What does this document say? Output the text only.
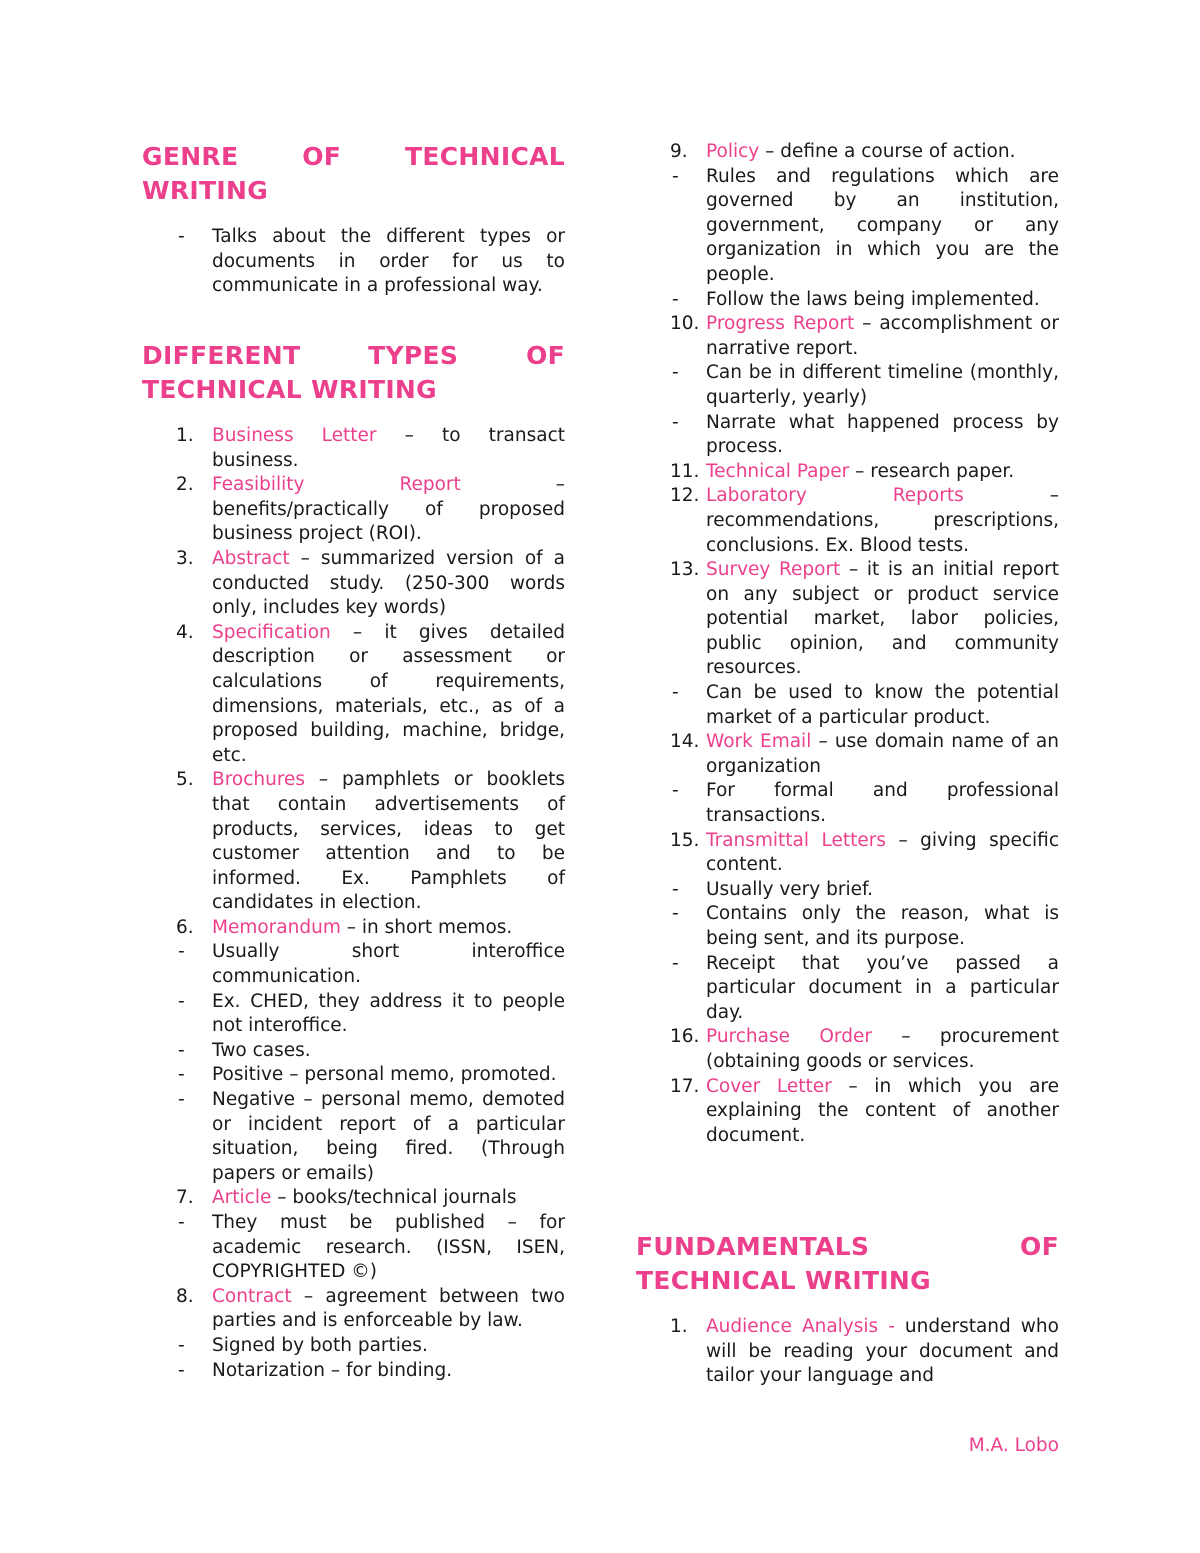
GENRE OF TECHNICAL WRITING
- Talks about the different types or documents in order for us to communicate in a professional way.
DIFFERENT TYPES OF TECHNICAL WRITING
1. Business Letter – to transact business.
2. Feasibility Report – benefits/practically of proposed business project (ROI).
3. Abstract – summarized version of a conducted study. (250-300 words only, includes key words)
4. Specification – it gives detailed description or assessment or calculations of requirements, dimensions, materials, etc., as of a proposed building, machine, bridge, etc.
5. Brochures – pamphlets or booklets that contain advertisements of products, services, ideas to get customer attention and to be informed. Ex. Pamphlets of candidates in election.
6. Memorandum – in short memos.
- Usually short interoffice communication.
- Ex. CHED, they address it to people not interoffice.
- Two cases.
- Positive – personal memo, promoted.
- Negative – personal memo, demoted or incident report of a particular situation, being fired. (Through papers or emails)
7. Article – books/technical journals
- They must be published – for academic research. (ISSN, ISEN, COPYRIGHTED ©)
8. Contract – agreement between two parties and is enforceable by law.
- Signed by both parties.
- Notarization – for binding.
9. Policy – define a course of action.
- Rules and regulations which are governed by an institution, government, company or any organization in which you are the people.
- Follow the laws being implemented.
10. Progress Report – accomplishment or narrative report.
- Can be in different timeline (monthly, quarterly, yearly)
- Narrate what happened process by process.
11. Technical Paper – research paper.
12. Laboratory Reports – recommendations, prescriptions, conclusions. Ex. Blood tests.
13. Survey Report – it is an initial report on any subject or product service potential market, labor policies, public opinion, and community resources.
- Can be used to know the potential market of a particular product.
14. Work Email – use domain name of an organization
- For formal and professional transactions.
15. Transmittal Letters – giving specific content.
- Usually very brief.
- Contains only the reason, what is being sent, and its purpose.
- Receipt that you’ve passed a particular document in a particular day.
16. Purchase Order – procurement (obtaining goods or services.
17. Cover Letter – in which you are explaining the content of another document.
FUNDAMENTALS OF TECHNICAL WRITING
1. Audience Analysis - understand who will be reading your document and tailor your language and
M.A. Lobo
